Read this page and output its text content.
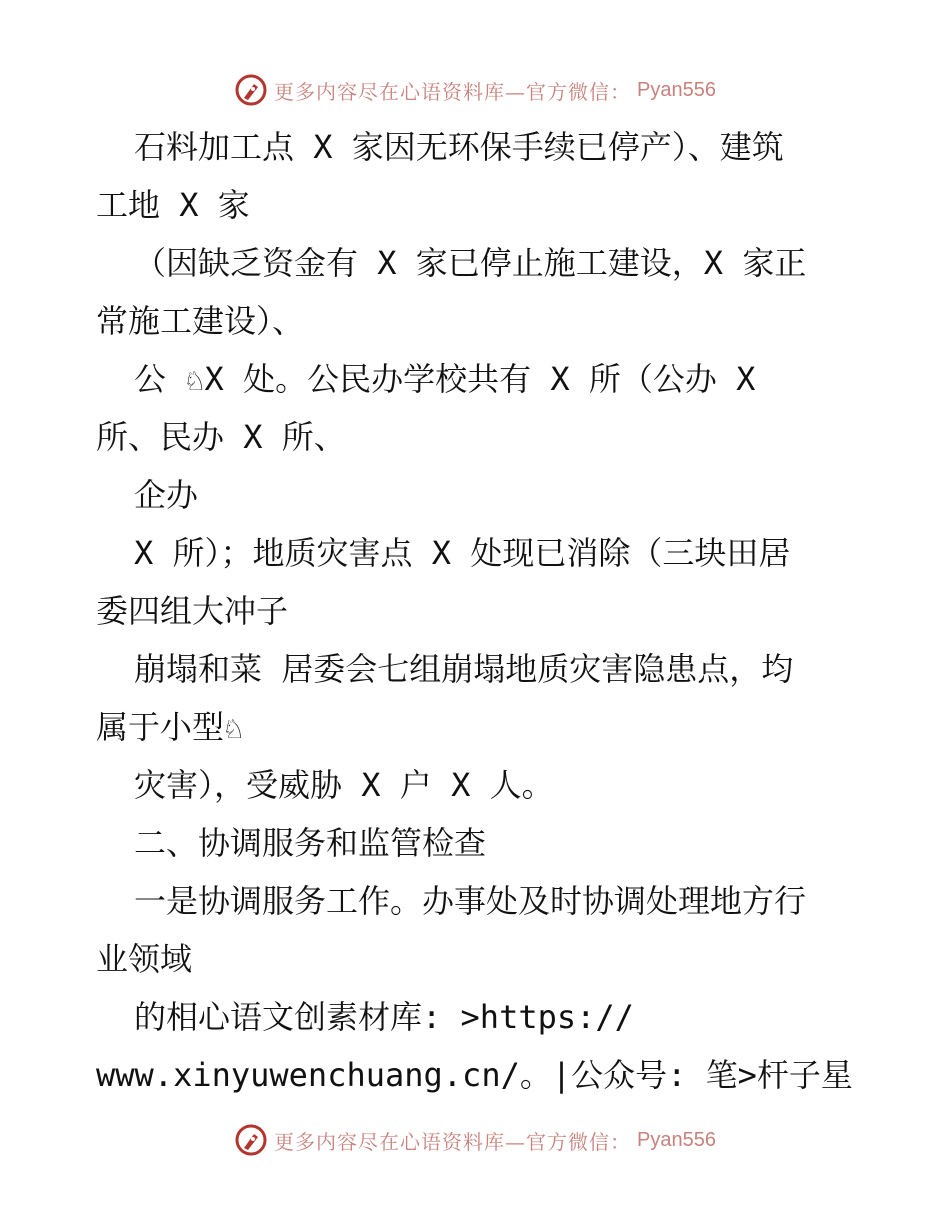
更多内容尽在心语资料库—官方微信： Pyan556
石料加工点 X 家因无环保手续已停产）、建筑
工地 X 家
（因缺乏资金有 X 家已停止施工建设，X 家正
常施工建设）、
公 ♘X 处。公民办学校共有 X 所（公办 X
所、民办 X 所、
企办
X 所）；地质灾害点 X 处现已消除（三块田居
委四组大冲子
崩塌和菜 居委会七组崩塌地质灾害隐患点，均
属于小型♘
灾害），受威胁 X 户 X 人。
二、协调服务和监管检查
一是协调服务工作。办事处及时协调处理地方行
业领域
的相心语文创素材库: >https://
www.xinyuwenchuang.cn/。|公众号: 笔>杆子星
更多内容尽在心语资料库—官方微信： Pyan556
